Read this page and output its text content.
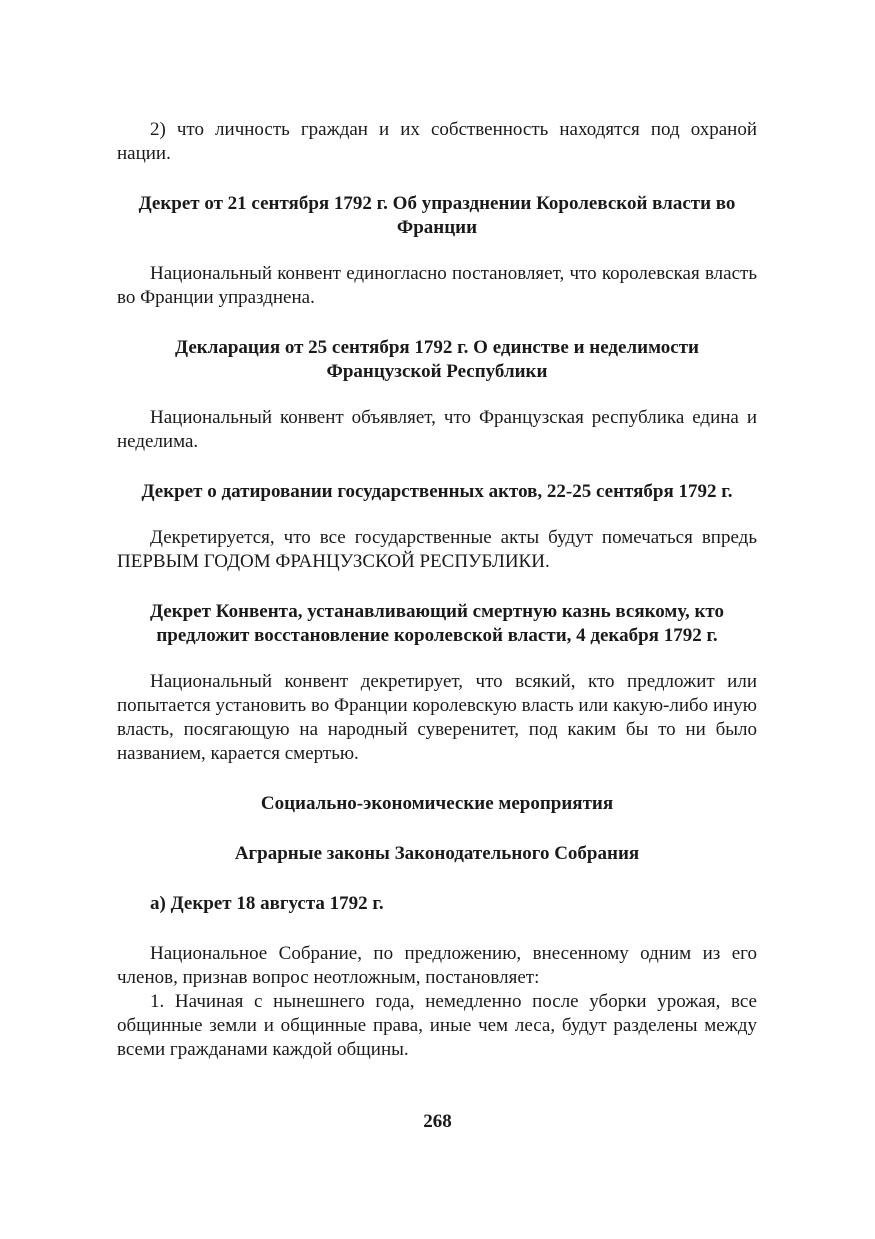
2) что личность граждан и их собственность находятся под охраной нации.

Декрет от 21 сентября 1792 г. Об упразднении Королевской власти во Франции

Национальный конвент единогласно постановляет, что королевская власть во Франции упразднена.

Декларация от 25 сентября 1792 г. О единстве и неделимости Французской Республики

Национальный конвент объявляет, что Французская республика едина и неделима.

Декрет о датировании государственных актов, 22-25 сентября 1792 г.

Декретируется, что все государственные акты будут помечаться впредь ПЕРВЫМ ГОДОМ ФРАНЦУЗСКОЙ РЕСПУБЛИКИ.

Декрет Конвента, устанавливающий смертную казнь всякому, кто предложит восстановление королевской власти, 4 декабря 1792 г.

Национальный конвент декретирует, что всякий, кто предложит или попытается установить во Франции королевскую власть или какую-либо иную власть, посягающую на народный суверенитет, под каким бы то ни было названием, карается смертью.

Социально-экономические мероприятия
Аграрные законы Законодательного Собрания
а) Декрет 18 августа 1792 г.

Национальное Собрание, по предложению, внесенному одним из его членов, признав вопрос неотложным, постановляет:

1. Начиная с нынешнего года, немедленно после уборки урожая, все общинные земли и общинные права, иные чем леса, будут разделены между всеми гражданами каждой общины.

268
